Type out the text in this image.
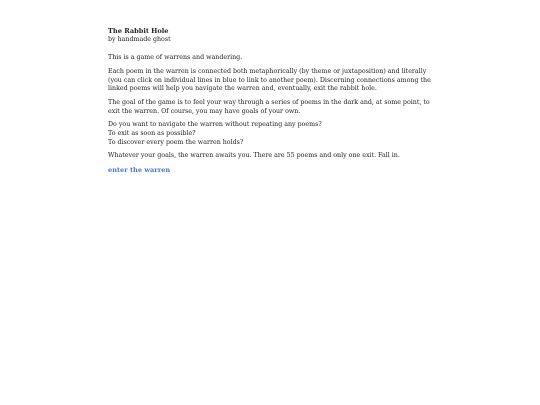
The Rabbit Hole
by handmade ghost

This is a game of warrens and wandering.

Each poem in the warren is connected both metaphorically (by theme or juxtaposition) and literally (you can click on individual lines in blue to link to another poem). Discerning connections among the linked poems will help you navigate the warren and, eventually, exit the rabbit hole.

The goal of the game is to feel your way through a series of poems in the dark and, at some point, to exit the warren. Of course, you may have goals of your own.

Do you want to navigate the warren without repeating any poems?
To exit as soon as possible?
To discover every poem the warren holds?

Whatever your goals, the warren awaits you. There are 55 poems and only one exit. Fall in.

enter the warren
